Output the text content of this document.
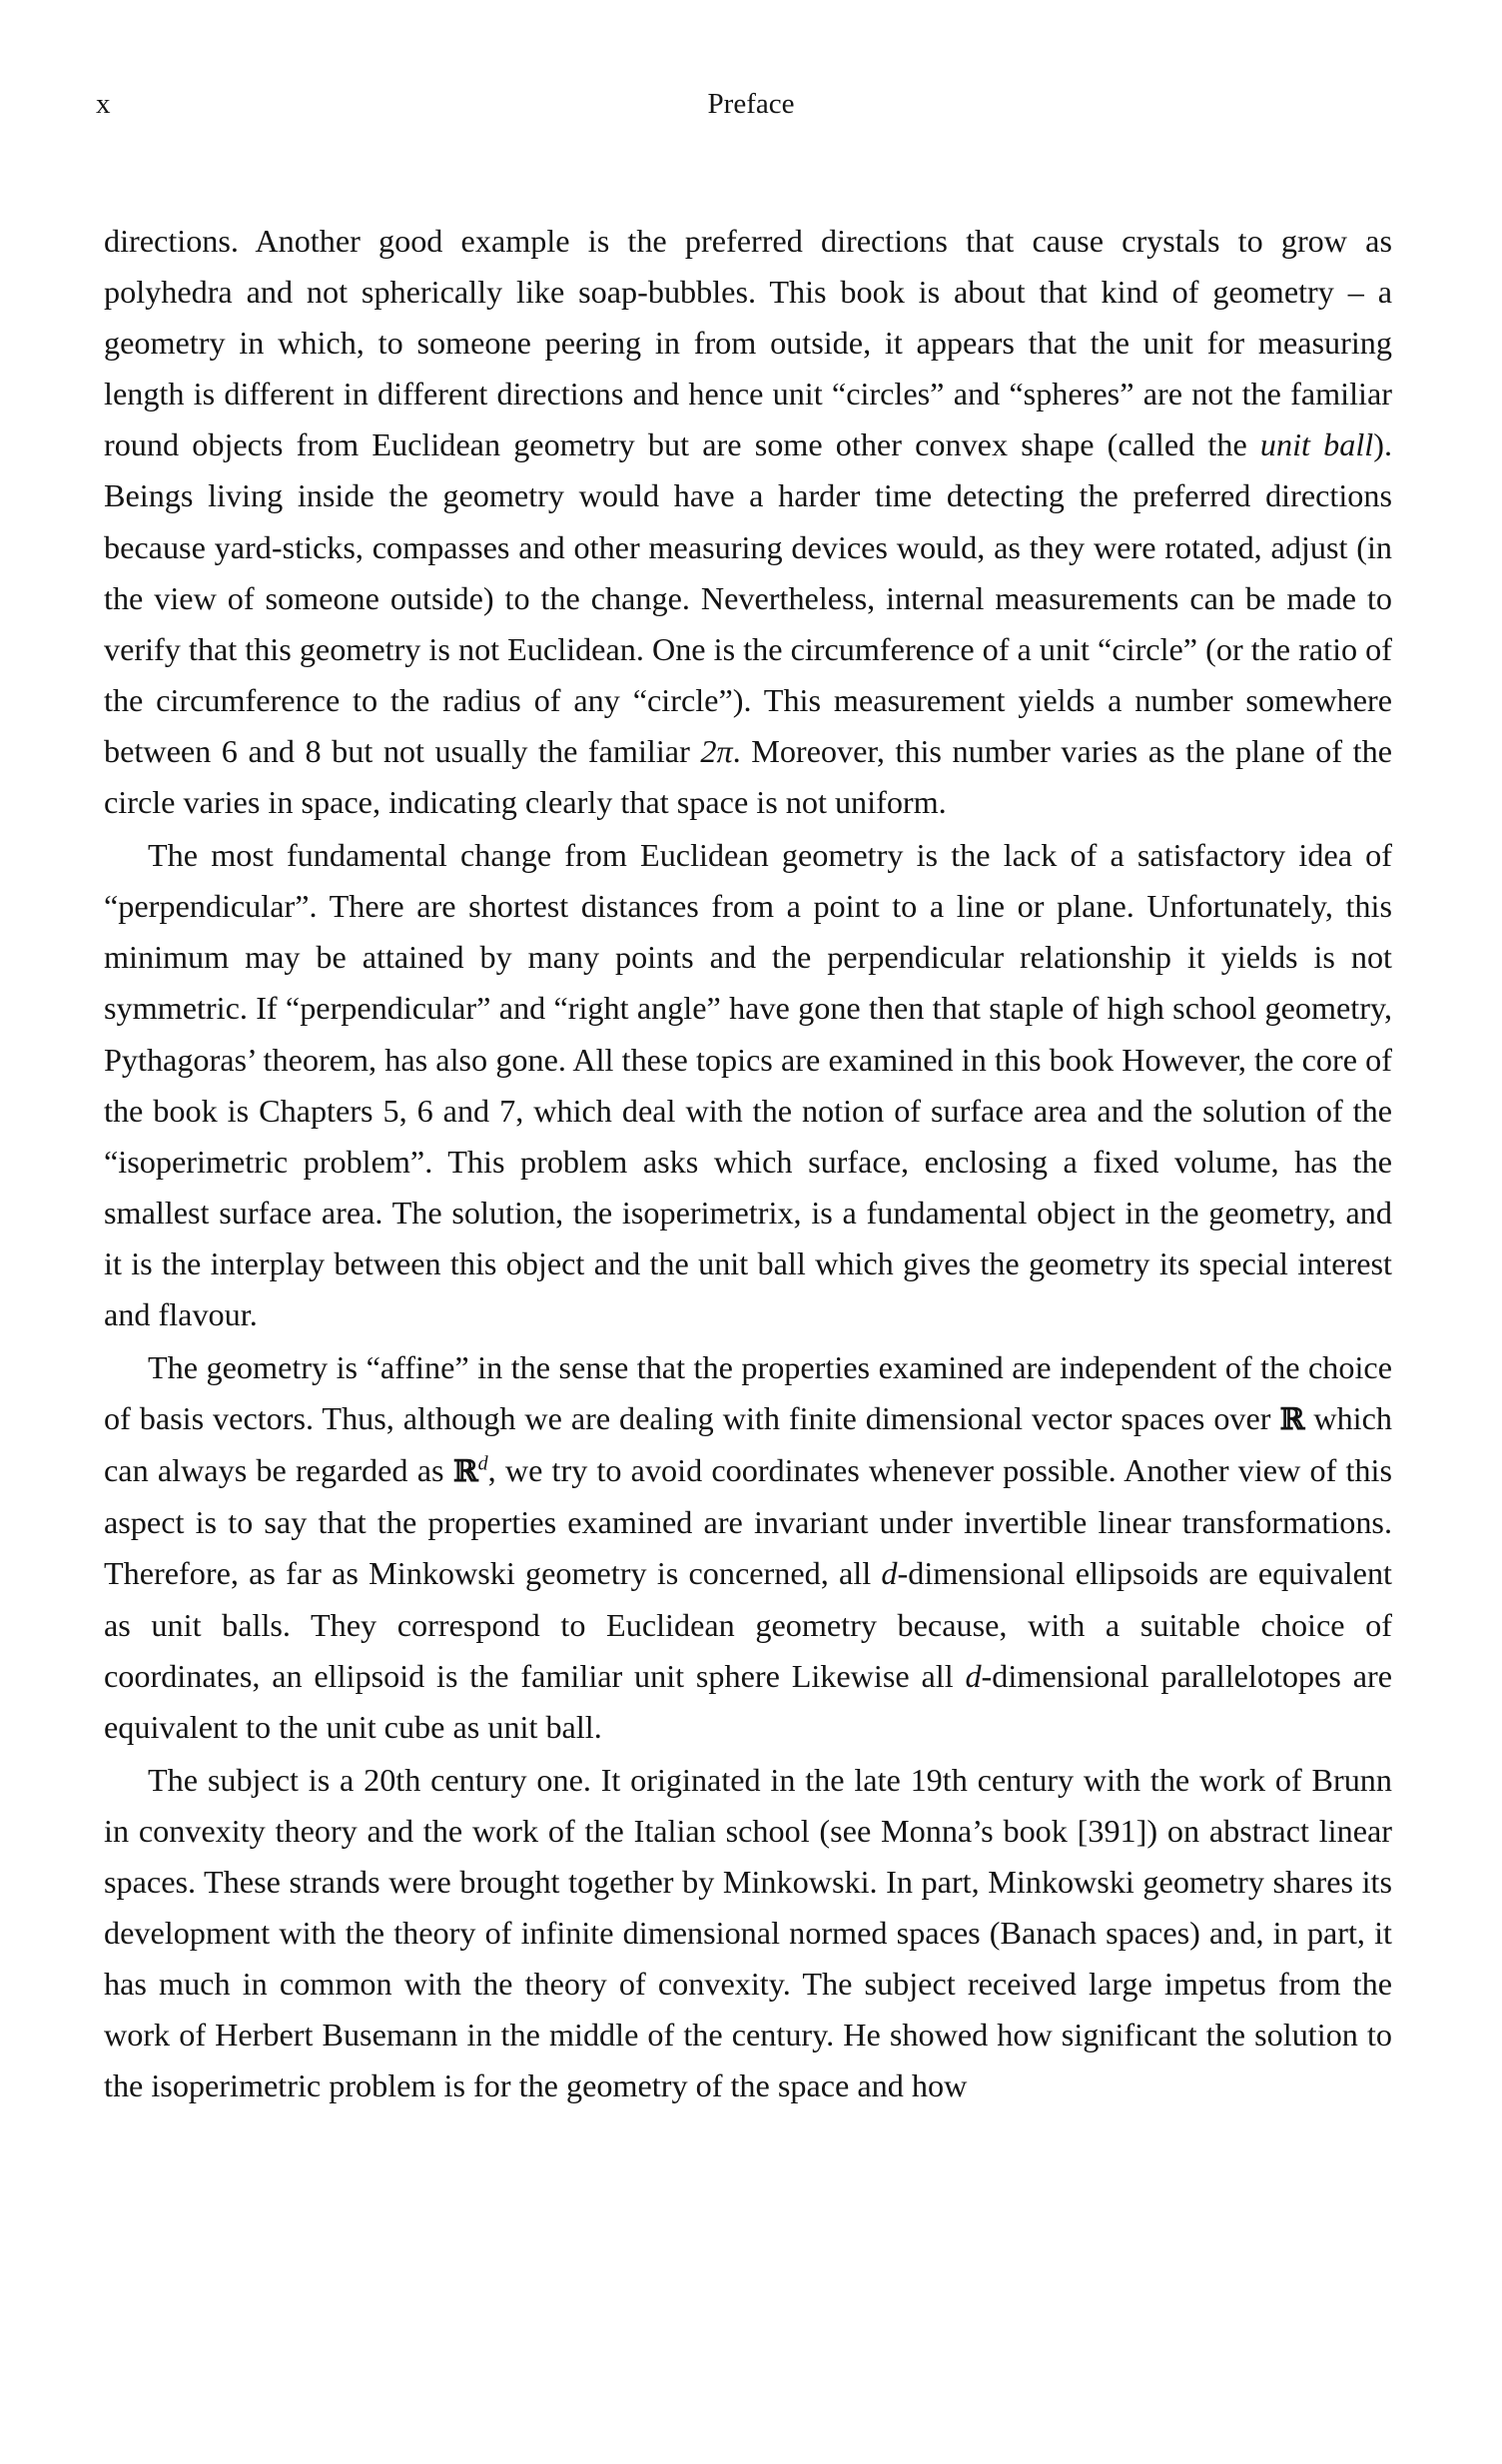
x	Preface

directions. Another good example is the preferred directions that cause crystals to grow as polyhedra and not spherically like soap-bubbles. This book is about that kind of geometry – a geometry in which, to someone peering in from outside, it appears that the unit for measuring length is different in different directions and hence unit “circles” and “spheres” are not the familiar round objects from Euclidean geometry but are some other convex shape (called the unit ball). Beings living inside the geometry would have a harder time detecting the preferred directions because yard-sticks, compasses and other measuring devices would, as they were rotated, adjust (in the view of someone outside) to the change. Nevertheless, internal measurements can be made to verify that this geometry is not Euclidean. One is the circumference of a unit “circle” (or the ratio of the circumference to the radius of any “circle”). This measurement yields a number somewhere between 6 and 8 but not usually the familiar 2π. Moreover, this number varies as the plane of the circle varies in space, indicating clearly that space is not uniform.

The most fundamental change from Euclidean geometry is the lack of a satisfactory idea of “perpendicular”. There are shortest distances from a point to a line or plane. Unfortunately, this minimum may be attained by many points and the perpendicular relationship it yields is not symmetric. If “perpendicular” and “right angle” have gone then that staple of high school geometry, Pythagoras’ theorem, has also gone. All these topics are examined in this book However, the core of the book is Chapters 5, 6 and 7, which deal with the notion of surface area and the solution of the “isoperimetric problem”. This problem asks which surface, enclosing a fixed volume, has the smallest surface area. The solution, the isoperimetrix, is a fundamental object in the geometry, and it is the interplay between this object and the unit ball which gives the geometry its special interest and flavour.

The geometry is “affine” in the sense that the properties examined are independent of the choice of basis vectors. Thus, although we are dealing with finite dimensional vector spaces over ℝ which can always be regarded as ℝ$^d$, we try to avoid coordinates whenever possible. Another view of this aspect is to say that the properties examined are invariant under invertible linear transformations. Therefore, as far as Minkowski geometry is concerned, all d-dimensional ellipsoids are equivalent as unit balls. They correspond to Euclidean geometry because, with a suitable choice of coordinates, an ellipsoid is the familiar unit sphere Likewise all d-dimensional parallelotopes are equivalent to the unit cube as unit ball.

The subject is a 20th century one. It originated in the late 19th century with the work of Brunn in convexity theory and the work of the Italian school (see Monna’s book [391]) on abstract linear spaces. These strands were brought together by Minkowski. In part, Minkowski geometry shares its development with the theory of infinite dimensional normed spaces (Banach spaces) and, in part, it has much in common with the theory of convexity. The subject received large impetus from the work of Herbert Busemann in the middle of the century. He showed how significant the solution to the isoperimetric problem is for the geometry of the space and how
